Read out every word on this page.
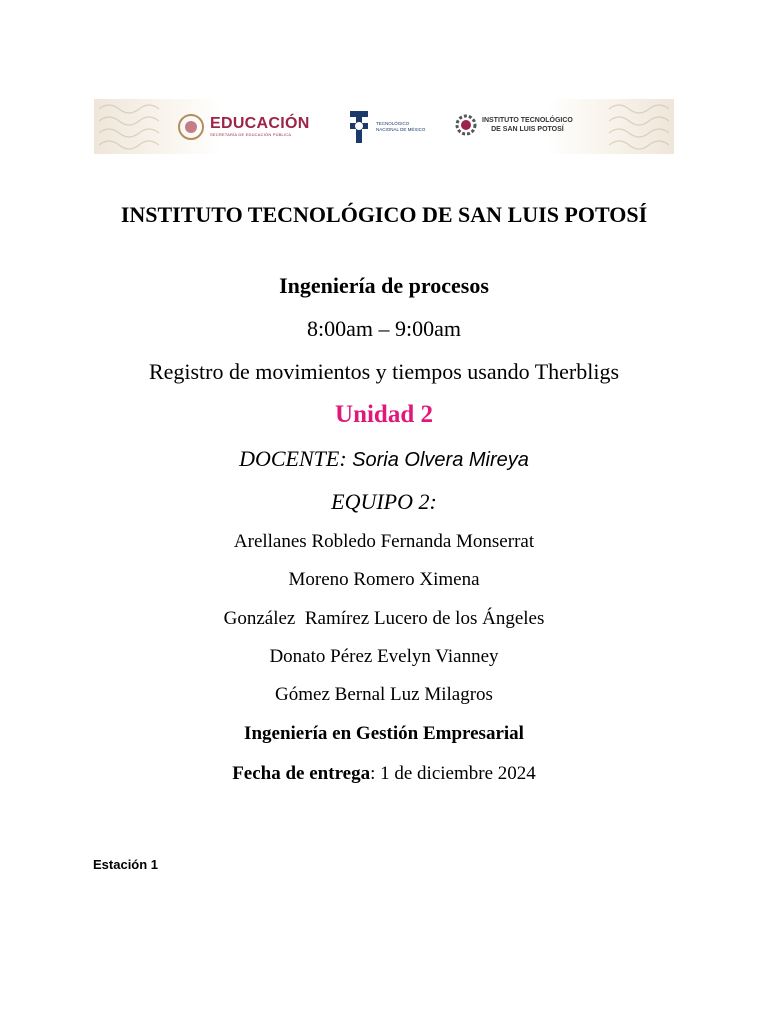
EDUCACIÓN
SECRETARÍA DE EDUCACIÓN PÚBLICA
TECNOLÓGICO
NACIONAL DE MÉXICO
INSTITUTO TECNOLÓGICO
DE SAN LUIS POTOSÍ
INSTITUTO TECNOLÓGICO DE SAN LUIS POTOSÍ
Ingeniería de procesos
8:00am – 9:00am
Registro de movimientos y tiempos usando Therbligs
Unidad 2
DOCENTE: Soria Olvera Mireya
EQUIPO 2:
Arellanes Robledo Fernanda Monserrat
Moreno Romero Ximena
González  Ramírez Lucero de los Ángeles
Donato Pérez Evelyn Vianney
Gómez Bernal Luz Milagros
Ingeniería en Gestión Empresarial
Fecha de entrega: 1 de diciembre 2024
Estación 1
